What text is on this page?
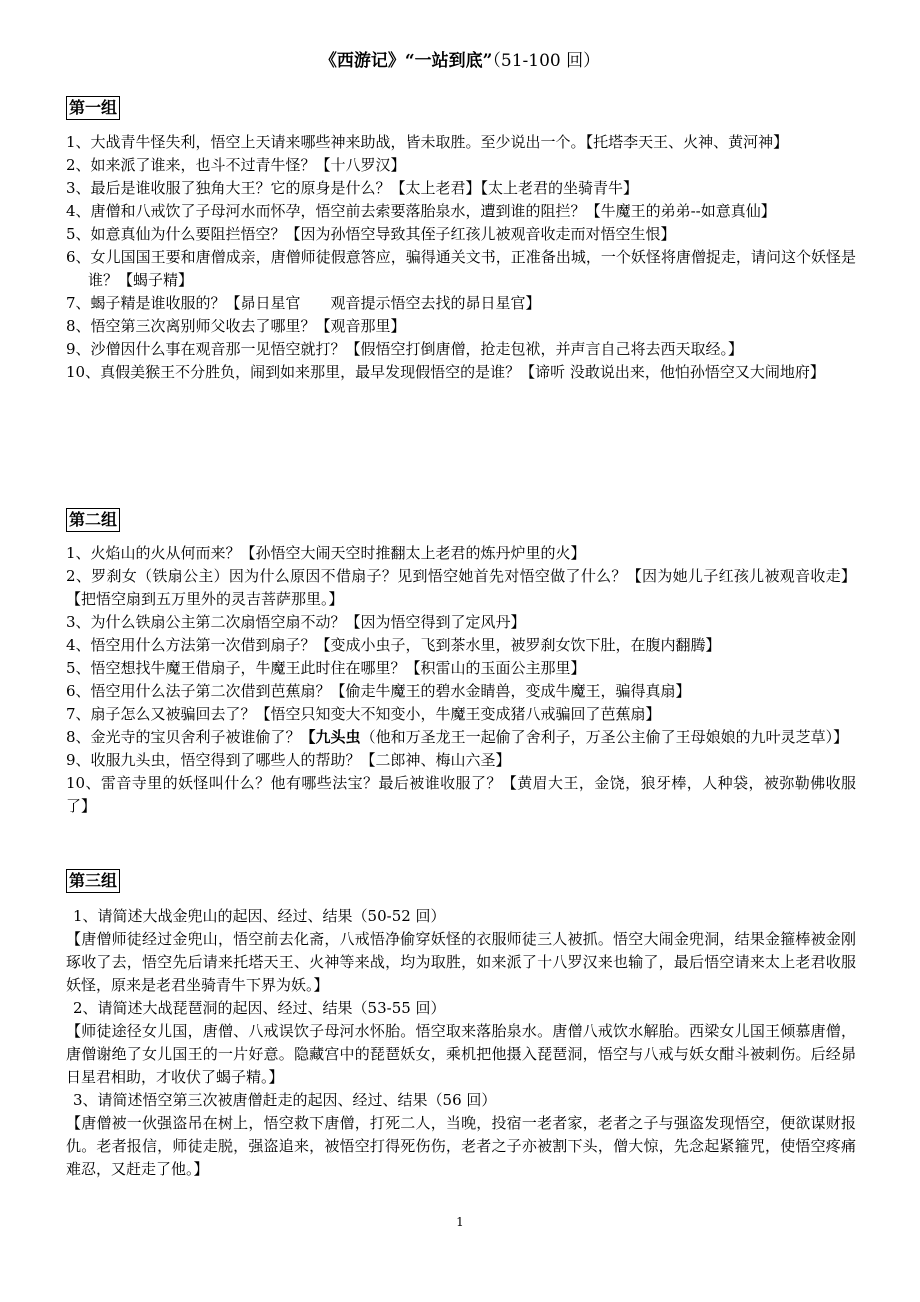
《西游记》“一站到底”（51-100 回）
第一组

1、大战青牛怪失利，悟空上天请来哪些神来助战，皆未取胜。至少说出一个。【托塔李天王、火神、黄河神】

2、如来派了谁来，也斗不过青牛怪？【十八罗汉】

3、最后是谁收服了独角大王？它的原身是什么？【太上老君】【太上老君的坐骑青牛】

4、唐僧和八戒饮了子母河水而怀孕，悟空前去索要落胎泉水，遭到谁的阻拦？【牛魔王的弟弟--如意真仙】

5、如意真仙为什么要阻拦悟空？【因为孙悟空导致其侄子红孩儿被观音收走而对悟空生恨】

6、女儿国国王要和唐僧成亲，唐僧师徒假意答应，骗得通关文书，正准备出城，一个妖怪将唐僧捉走，请问这个妖怪是谁？【蝎子精】

7、蝎子精是谁收服的？【昴日星官　　观音提示悟空去找的昴日星官】

8、悟空第三次离别师父收去了哪里？【观音那里】

9、沙僧因什么事在观音那一见悟空就打？【假悟空打倒唐僧，抢走包袱，并声言自己将去西天取经。】

10、真假美猴王不分胜负，闹到如来那里，最早发现假悟空的是谁？【谛听 没敢说出来，他怕孙悟空又大闹地府】

第二组

1、火焰山的火从何而来？【孙悟空大闹天空时推翻太上老君的炼丹炉里的火】

2、罗刹女（铁扇公主）因为什么原因不借扇子？见到悟空她首先对悟空做了什么？【因为她儿子红孩儿被观音收走】【把悟空扇到五万里外的灵吉菩萨那里。】

3、为什么铁扇公主第二次扇悟空扇不动？【因为悟空得到了定风丹】

4、悟空用什么方法第一次借到扇子？【变成小虫子，飞到茶水里，被罗刹女饮下肚，在腹内翻腾】

5、悟空想找牛魔王借扇子，牛魔王此时住在哪里？【积雷山的玉面公主那里】

6、悟空用什么法子第二次借到芭蕉扇？【偷走牛魔王的碧水金睛兽，变成牛魔王，骗得真扇】

7、扇子怎么又被骗回去了？【悟空只知变大不知变小，牛魔王变成猪八戒骗回了芭蕉扇】

8、金光寺的宝贝舍利子被谁偷了？【九头虫（他和万圣龙王一起偷了舍利子，万圣公主偷了王母娘娘的九叶灵芝草）】

9、收服九头虫，悟空得到了哪些人的帮助？【二郎神、梅山六圣】

10、雷音寺里的妖怪叫什么？他有哪些法宝？最后被谁收服了？【黄眉大王，金饶，狼牙棒，人种袋，被弥勒佛收服了】

第三组

1、请简述大战金兜山的起因、经过、结果（50-52 回）

【唐僧师徒经过金兜山，悟空前去化斋，八戒悟净偷穿妖怪的衣服师徒三人被抓。悟空大闹金兜洞，结果金箍棒被金刚琢收了去，悟空先后请来托塔天王、火神等来战，均为取胜，如来派了十八罗汉来也输了，最后悟空请来太上老君收服妖怪，原来是老君坐骑青牛下界为妖。】

2、请简述大战琵琶洞的起因、经过、结果（53-55 回）

【师徒途径女儿国，唐僧、八戒误饮子母河水怀胎。悟空取来落胎泉水。唐僧八戒饮水解胎。西梁女儿国王倾慕唐僧，唐僧谢绝了女儿国王的一片好意。隐藏宫中的琵琶妖女，乘机把他摄入琵琶洞，悟空与八戒与妖女酣斗被刺伤。后经昴日星君相助，才收伏了蝎子精。】

3、请简述悟空第三次被唐僧赶走的起因、经过、结果（56 回）

【唐僧被一伙强盗吊在树上，悟空救下唐僧，打死二人，当晚，投宿一老者家，老者之子与强盗发现悟空，便欲谋财报仇。老者报信，师徒走脱，强盗追来，被悟空打得死伤伤，老者之子亦被割下头，僧大惊，先念起紧箍咒，使悟空疼痛难忍，又赶走了他。】

1
